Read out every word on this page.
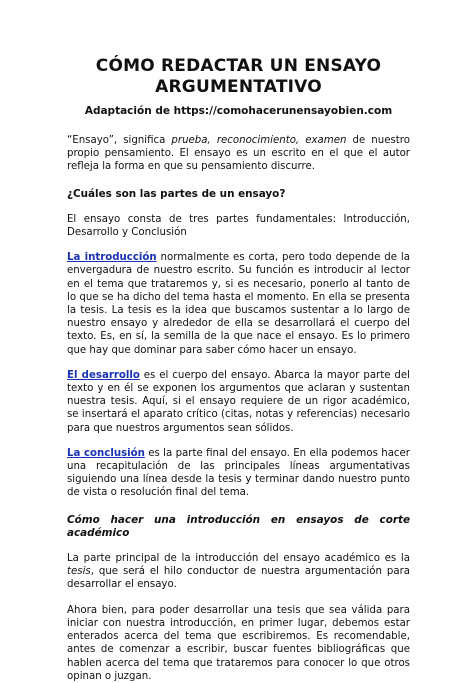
CÓMO REDACTAR UN ENSAYO
ARGUMENTATIVO
Adaptación de https://comohacerunensayobien.com

“Ensayo”, significa prueba, reconocimiento, examen de nuestro propio pensamiento. El ensayo es un escrito en el que el autor refleja la forma en que su pensamiento discurre.

¿Cuáles son las partes de un ensayo?

El ensayo consta de tres partes fundamentales: Introducción, Desarrollo y Conclusión

La introducción normalmente es corta, pero todo depende de la envergadura de nuestro escrito. Su función es introducir al lector en el tema que trataremos y, si es necesario, ponerlo al tanto de lo que se ha dicho del tema hasta el momento. En ella se presenta la tesis. La tesis es la idea que buscamos sustentar a lo largo de nuestro ensayo y alrededor de ella se desarrollará el cuerpo del texto. Es, en sí, la semilla de la que nace el ensayo. Es lo primero que hay que dominar para saber cómo hacer un ensayo.

El desarrollo es el cuerpo del ensayo. Abarca la mayor parte del texto y en él se exponen los argumentos que aclaran y sustentan nuestra tesis. Aquí, si el ensayo requiere de un rigor académico, se insertará el aparato crítico (citas, notas y referencias) necesario para que nuestros argumentos sean sólidos.

La conclusión es la parte final del ensayo. En ella podemos hacer una recapitulación de las principales líneas argumentativas siguiendo una línea desde la tesis y terminar dando nuestro punto de vista o resolución final del tema.

Cómo hacer una introducción en ensayos de corte académico

La parte principal de la introducción del ensayo académico es la tesis, que será el hilo conductor de nuestra argumentación para desarrollar el ensayo.

Ahora bien, para poder desarrollar una tesis que sea válida para iniciar con nuestra introducción, en primer lugar, debemos estar enterados acerca del tema que escribiremos. Es recomendable, antes de comenzar a escribir, buscar fuentes bibliográficas que hablen acerca del tema que trataremos para conocer lo que otros opinan o juzgan.
